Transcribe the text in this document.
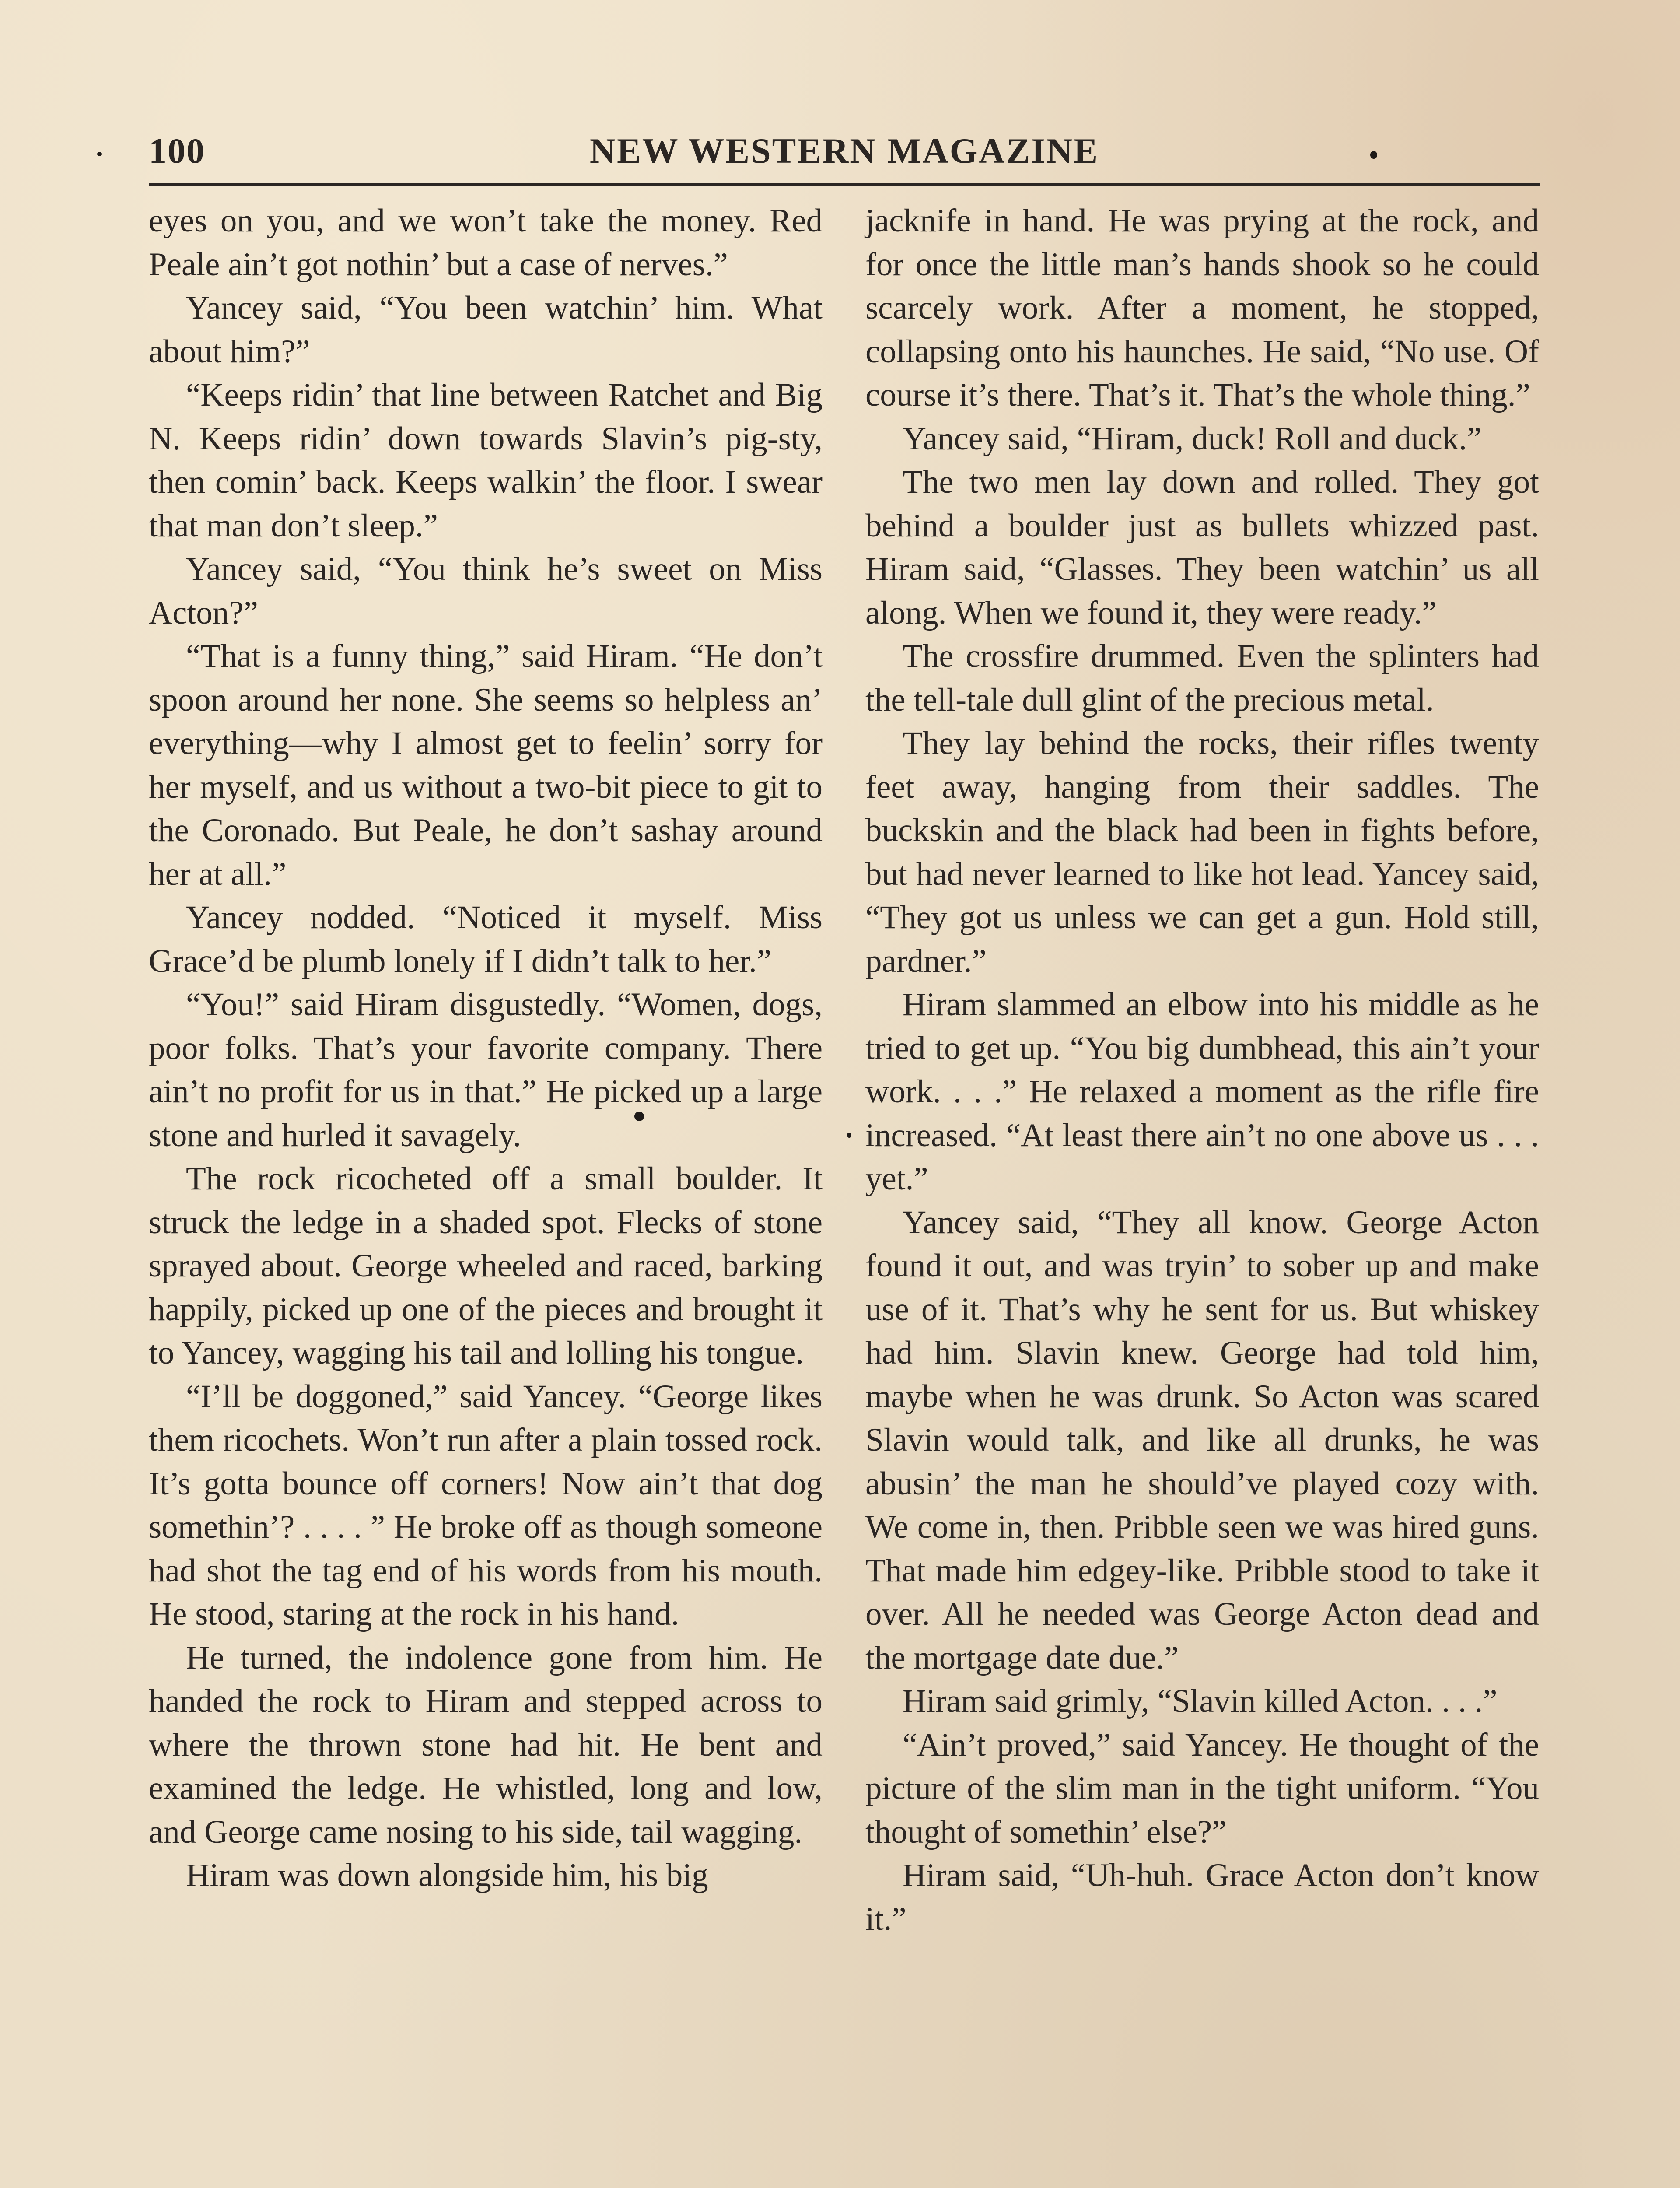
100	NEW WESTERN MAGAZINE

eyes on you, and we won’t take the money. Red Peale ain’t got nothin’ but a case of nerves.”

Yancey said, “You been watchin’ him. What about him?”

“Keeps ridin’ that line between Ratchet and Big N. Keeps ridin’ down towards Slavin’s pig-sty, then comin’ back. Keeps walkin’ the floor. I swear that man don’t sleep.”

Yancey said, “You think he’s sweet on Miss Acton?”

“That is a funny thing,” said Hiram. “He don’t spoon around her none. She seems so helpless an’ everything—why I almost get to feelin’ sorry for her myself, and us without a two-bit piece to git to the Coronado. But Peale, he don’t sashay around her at all.”

Yancey nodded. “Noticed it myself. Miss Grace’d be plumb lonely if I didn’t talk to her.”

“You!” said Hiram disgustedly. “Women, dogs, poor folks. That’s your favorite company. There ain’t no profit for us in that.” He picked up a large stone and hurled it savagely.

The rock ricocheted off a small boulder. It struck the ledge in a shaded spot. Flecks of stone sprayed about. George wheeled and raced, barking happily, picked up one of the pieces and brought it to Yancey, wagging his tail and lolling his tongue.

“I’ll be doggoned,” said Yancey. “George likes them ricochets. Won’t run after a plain tossed rock. It’s gotta bounce off corners! Now ain’t that dog somethin’? . . . . ” He broke off as though someone had shot the tag end of his words from his mouth. He stood, staring at the rock in his hand.

He turned, the indolence gone from him. He handed the rock to Hiram and stepped across to where the thrown stone had hit. He bent and examined the ledge. He whistled, long and low, and George came nosing to his side, tail wagging.

Hiram was down alongside him, his big

jacknife in hand. He was prying at the rock, and for once the little man’s hands shook so he could scarcely work. After a moment, he stopped, collapsing onto his haunches. He said, “No use. Of course it’s there. That’s it. That’s the whole thing.”

Yancey said, “Hiram, duck! Roll and duck.”

The two men lay down and rolled. They got behind a boulder just as bullets whizzed past. Hiram said, “Glasses. They been watchin’ us all along. When we found it, they were ready.”

The crossfire drummed. Even the splinters had the tell-tale dull glint of the precious metal.

They lay behind the rocks, their rifles twenty feet away, hanging from their saddles. The buckskin and the black had been in fights before, but had never learned to like hot lead. Yancey said, “They got us unless we can get a gun. Hold still, pardner.”

Hiram slammed an elbow into his middle as he tried to get up. “You big dumbhead, this ain’t your work. . . .” He relaxed a moment as the rifle fire increased. “At least there ain’t no one above us . . . yet.”

Yancey said, “They all know. George Acton found it out, and was tryin’ to sober up and make use of it. That’s why he sent for us. But whiskey had him. Slavin knew. George had told him, maybe when he was drunk. So Acton was scared Slavin would talk, and like all drunks, he was abusin’ the man he should’ve played cozy with. We come in, then. Pribble seen we was hired guns. That made him edgey-like. Pribble stood to take it over. All he needed was George Acton dead and the mortgage date due.”

Hiram said grimly, “Slavin killed Acton. . . .”

“Ain’t proved,” said Yancey. He thought of the picture of the slim man in the tight uniform. “You thought of somethin’ else?”

Hiram said, “Uh-huh. Grace Acton don’t know it.”
